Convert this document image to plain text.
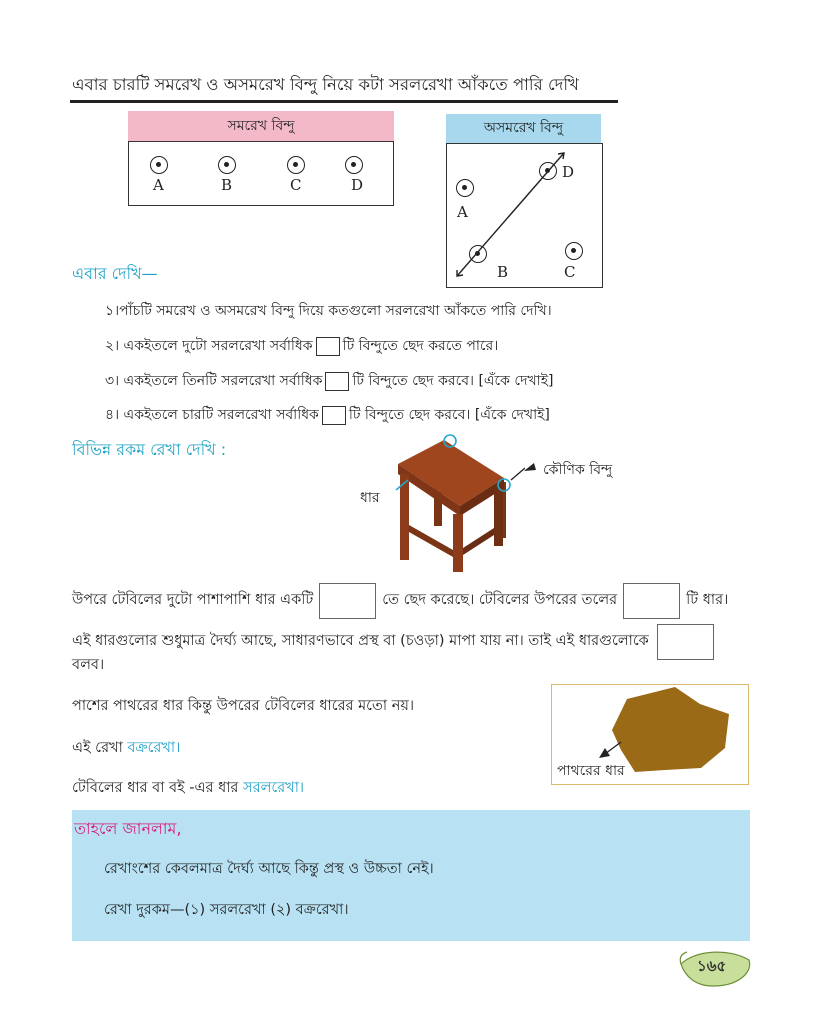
এবার চারটি সমরেখ ও অসমরেখ বিন্দু নিয়ে কটা সরলরেখা আঁকতে পারি দেখি
সমরেখ বিন্দু
A	B	C	D
অসমরেখ বিন্দু
A
D
B	C
এবার দেখি—
১।পাঁচটি সমরেখ ও অসমরেখ বিন্দু দিয়ে কতগুলো সরলরেখা আঁকতে পারি দেখি।
২। একইতলে দুটো সরলরেখা সর্বাধিক টি বিন্দুতে ছেদ করতে পারে।
৩। একইতলে তিনটি সরলরেখা সর্বাধিক টি বিন্দুতে ছেদ করবে। [এঁকে দেখাই]
৪। একইতলে চারটি সরলরেখা সর্বাধিক টি বিন্দুতে ছেদ করবে। [এঁকে দেখাই]
বিভিন্ন রকম রেখা দেখি :
ধার
কৌণিক বিন্দু
উপরে টেবিলের দুটো পাশাপাশি ধার একটি	তে ছেদ করেছে। টেবিলের উপরের তলের	টি ধার।
এই ধারগুলোর শুধুমাত্র দৈর্ঘ্য আছে, সাধারণভাবে প্রস্থ বা (চওড়া) মাপা যায় না। তাই এই ধারগুলোকে
বলব।
পাশের পাথরের ধার কিন্তু উপরের টেবিলের ধারের মতো নয়।
এই রেখা বক্ররেখা।
টেবিলের ধার বা বই -এর ধার সরলরেখা।
পাথরের ধার
তাহলে জানলাম,
রেখাংশের কেবলমাত্র দৈর্ঘ্য আছে কিন্তু প্রস্থ ও উচ্চতা নেই।
রেখা দুরকম—(১) সরলরেখা (২) বক্ররেখা।
১৬৫
